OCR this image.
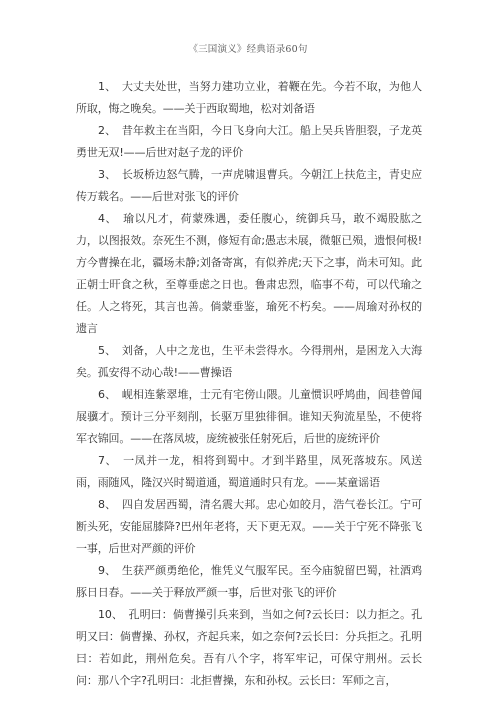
《三国演义》经典语录60句

1、　大丈夫处世，当努力建功立业，着鞭在先。今若不取，为他人所取，悔之晚矣。——关于西取蜀地，松对刘备语

2、　昔年救主在当阳，今日飞身向大江。船上吴兵皆胆裂，子龙英勇世无双!——后世对赵子龙的评价

3、　长坂桥边怒气腾，一声虎啸退曹兵。今朝江上扶危主，青史应传万载名。——后世对张飞的评价

4、　瑜以凡才，荷蒙殊遇，委任腹心，统御兵马，敢不竭股肱之力，以图报效。奈死生不测，修短有命;愚志未展，微躯已殒，遗恨何极!方今曹操在北，疆场未静;刘备寄寓，有似养虎;天下之事，尚未可知。此正朝士旰食之秋，至尊垂虑之日也。鲁肃忠烈，临事不苟，可以代瑜之任。人之将死，其言也善。倘蒙垂鉴，瑜死不朽矣。——周瑜对孙权的遗言

5、　刘备，人中之龙也，生平未尝得水。今得荆州，是困龙入大海矣。孤安得不动心哉!——曹操语

6、　岘相连紫翠堆，士元有宅傍山隈。儿童惯识呼鸠曲，闾巷曾闻展骥才。预计三分平刻削，长驱万里独徘徊。谁知天狗流星坠，不使将军衣锦回。——在落凤坡，庞统被张任射死后，后世的庞统评价

7、　一凤并一龙，相将到蜀中。才到半路里，凤死落坡东。风送雨，雨随风，隆汉兴时蜀道通，蜀道通时只有龙。——某童谣语

8、　四自发居西蜀，清名震大邦。忠心如皎月，浩气卷长江。宁可断头死，安能屈膝降?巴州年老将，天下更无双。——关于宁死不降张飞一事，后世对严颜的评价

9、　生获严颜勇绝伦，惟凭义气服军民。至今庙貌留巴蜀，社酒鸡豚日日春。——关于释放严颜一事，后世对张飞的评价

10、　孔明曰：倘曹操引兵来到，当如之何?云长曰：以力拒之。孔明又曰：倘曹操、孙权，齐起兵来，如之奈何?云长曰：分兵拒之。孔明曰：若如此，荆州危矣。吾有八个字，将军牢记，可保守荆州。云长问：那八个字?孔明曰：北拒曹操，东和孙权。云长曰：军师之言，
